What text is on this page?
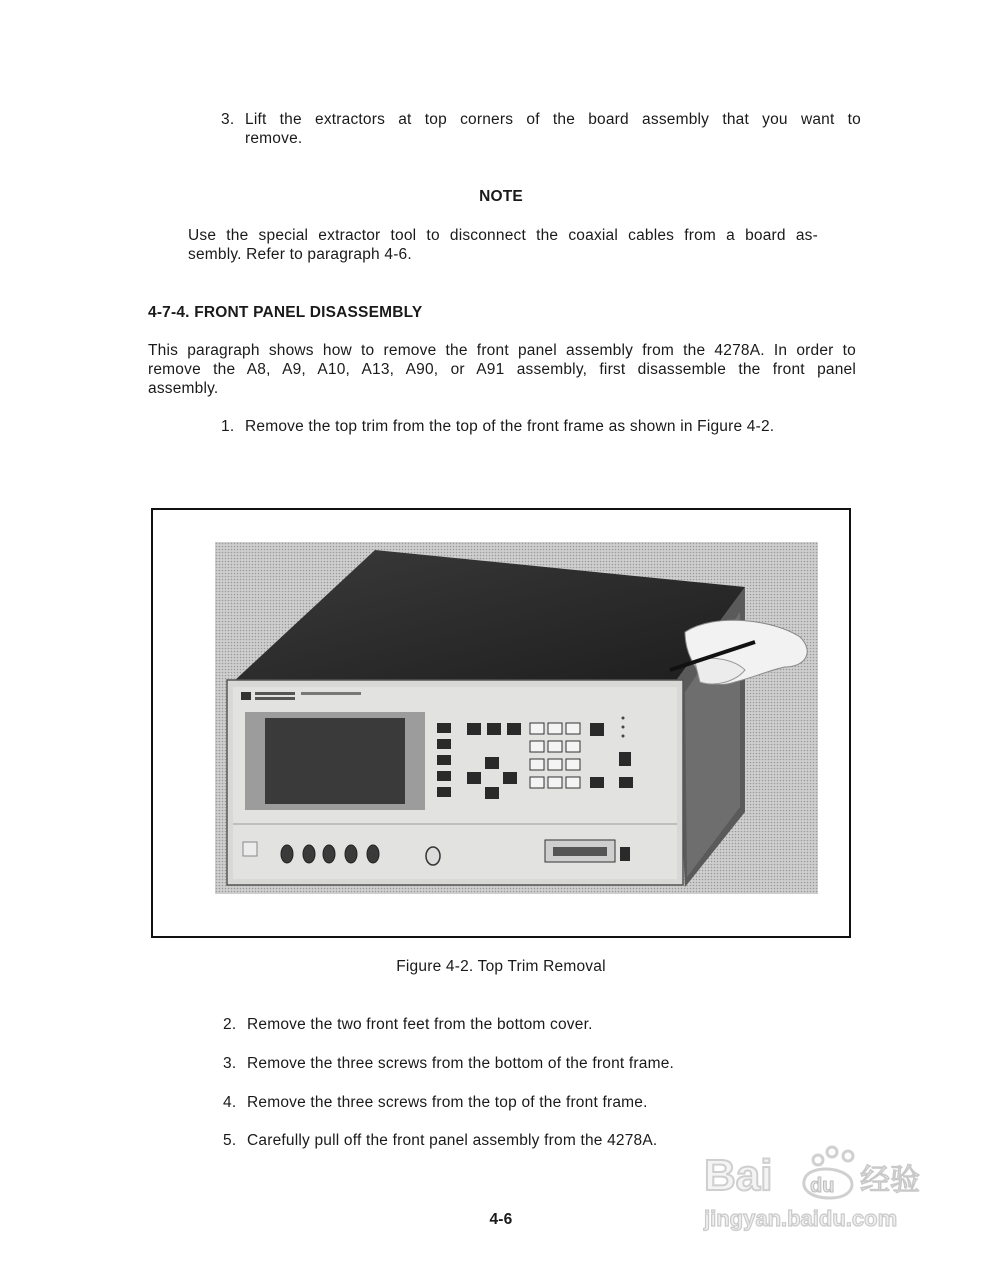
3. Lift the extractors at top corners of the board assembly that you want to
remove.
NOTE
Use the special extractor tool to disconnect the coaxial cables from a board as-
sembly. Refer to paragraph 4-6.
4-7-4. FRONT PANEL DISASSEMBLY
This paragraph shows how to remove the front panel assembly from the 4278A. In order to
remove the A8, A9, A10, A13, A90, or A91 assembly, first disassemble the front panel
assembly.
1. Remove the top trim from the top of the front frame as shown in Figure 4-2.
Figure 4-2. Top Trim Removal
2. Remove the two front feet from the bottom cover.
3. Remove the three screws from the bottom of the front frame.
4. Remove the three screws from the top of the front frame.
5. Carefully pull off the front panel assembly from the 4278A.
4-6
Bai du 经验
jingyan.baidu.com
